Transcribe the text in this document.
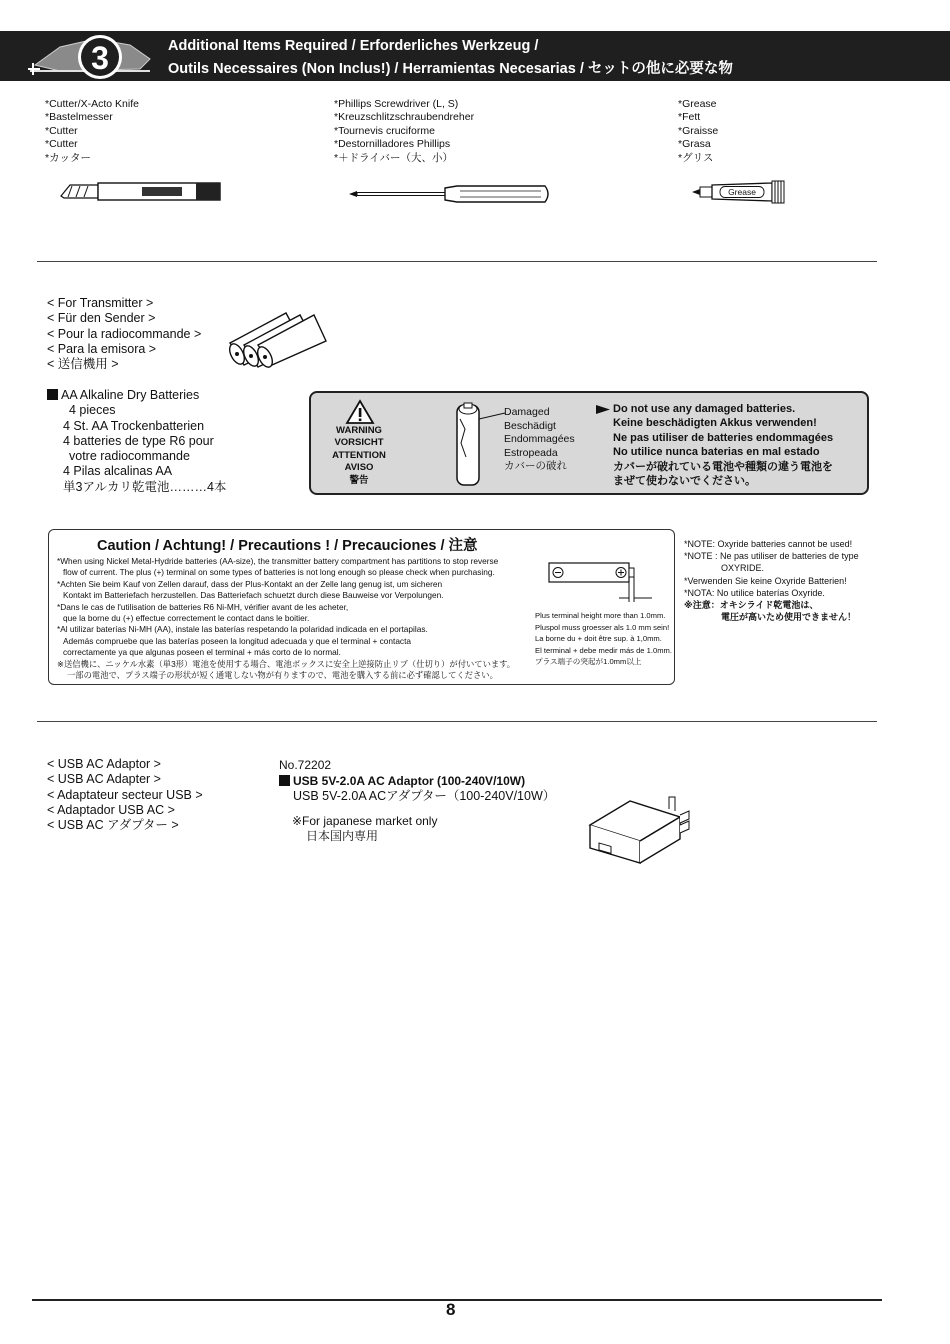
3	Additional Items Required / Erforderliches Werkzeug /
Outils Necessaires (Non Inclus!) / Herramientas Necesarias / セットの他に必要な物
*Cutter/X-Acto Knife
*Bastelmesser
*Cutter
*Cutter
*カッター
*Phillips Screwdriver (L, S)
*Kreuzschlitzschraubendreher
*Tournevis cruciforme
*Destornilladores Phillips
*＋ドライバー（大、小）
*Grease
*Fett
*Graisse
*Grasa
*グリス
Grease
< For Transmitter >
< Für den Sender >
< Pour la radiocommande >
< Para la emisora >
< 送信機用 >
AA Alkaline Dry Batteries
4 pieces
4 St. AA Trockenbatterien
4 batteries de type R6 pour
votre radiocommande
4 Pilas alcalinas AA
単3アルカリ乾電池………4本
WARNING
VORSICHT
ATTENTION
AVISO
警告
Damaged
Beschädigt
Endommagées
Estropeada
カバーの破れ
Do not use any damaged batteries.
Keine beschädigten Akkus verwenden!
Ne pas utiliser de batteries endommagées
No utilice nunca baterias en mal estado
カバーが破れている電池や種類の違う電池を
まぜて使わないでください。
Caution / Achtung! / Precautions ! / Precauciones / 注意
*When using Nickel Metal-Hydride batteries (AA-size), the transmitter battery compartment has partitions to stop reverse
flow of current. The plus (+) terminal on some types of batteries is not long enough so please check when purchasing.
*Achten Sie beim Kauf von Zellen darauf, dass der Plus-Kontakt an der Zelle lang genug ist, um sicheren
Kontakt im Batteriefach herzustellen. Das Batteriefach schuetzt durch diese Bauweise vor Verpolungen.
*Dans le cas de l'utilisation de batteries R6 Ni-MH, vérifier avant de les acheter,
que la borne du (+) effectue correctement le contact dans le boitier.
*Al utilizar baterías Ni-MH (AA), instale las baterías respetando la polaridad indicada en el portapilas.
Además compruebe que las baterías poseen la longitud adecuada y que el terminal + contacta
correctamente ya que algunas poseen el terminal + más corto de lo normal.
※送信機に、ニッケル水素（単3形）電池を使用する場合、電池ボックスに安全上逆接防止リブ（仕切り）が付いています。
一部の電池で、プラス端子の形状が短く通電しない物が有りますので、電池を購入する前に必ず確認してください。
Plus terminal height more than 1.0mm.
Pluspol muss groesser als 1.0 mm sein!
La borne du + doit être sup. à 1,0mm.
El terminal + debe medir más de 1.0mm.
プラス端子の突起が1.0mm以上
*NOTE: Oxyride batteries cannot be used!
*NOTE : Ne pas utiliser de batteries de type
OXYRIDE.
*Verwenden Sie keine Oxyride Batterien!
*NOTA: No utilice baterías Oxyride.
※注意：オキシライド乾電池は、
電圧が高いため使用できません！
< USB AC Adaptor >
< USB AC Adapter >
< Adaptateur secteur USB >
< Adaptador USB AC >
< USB AC アダプター >
No.72202
USB 5V-2.0A AC Adaptor (100-240V/10W)
USB 5V-2.0A ACアダプター（100-240V/10W）
※For japanese market only
日本国内専用
8
